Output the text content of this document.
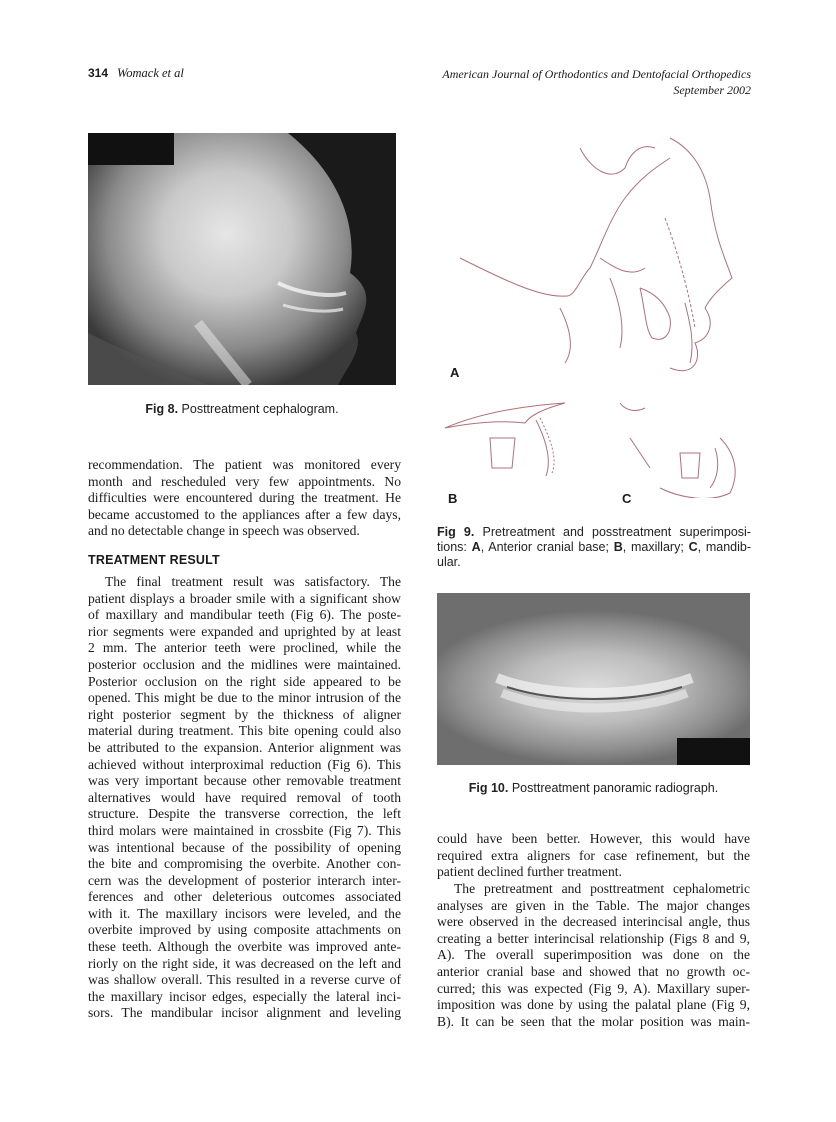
314 Womack et al	American Journal of Orthodontics and Dentofacial Orthopedics
September 2002
Fig 8. Posttreatment cephalogram.
A
B	C
Fig 9. Pretreatment and posstreatment superimposi-
tions: A, Anterior cranial base; B, maxillary; C, mandib-
ular.
Fig 10. Posttreatment panoramic radiograph.
recommendation. The patient was monitored every
month and rescheduled very few appointments. No
difficulties were encountered during the treatment. He
became accustomed to the appliances after a few days,
and no detectable change in speech was observed.
TREATMENT RESULT
The final treatment result was satisfactory. The
patient displays a broader smile with a significant show
of maxillary and mandibular teeth (Fig 6). The poste-
rior segments were expanded and uprighted by at least
2 mm. The anterior teeth were proclined, while the
posterior occlusion and the midlines were maintained.
Posterior occlusion on the right side appeared to be
opened. This might be due to the minor intrusion of the
right posterior segment by the thickness of aligner
material during treatment. This bite opening could also
be attributed to the expansion. Anterior alignment was
achieved without interproximal reduction (Fig 6). This
was very important because other removable treatment
alternatives would have required removal of tooth
structure. Despite the transverse correction, the left
third molars were maintained in crossbite (Fig 7). This
was intentional because of the possibility of opening
the bite and compromising the overbite. Another con-
cern was the development of posterior interarch inter-
ferences and other deleterious outcomes associated
with it. The maxillary incisors were leveled, and the
overbite improved by using composite attachments on
these teeth. Although the overbite was improved ante-
riorly on the right side, it was decreased on the left and
was shallow overall. This resulted in a reverse curve of
the maxillary incisor edges, especially the lateral inci-
sors. The mandibular incisor alignment and leveling
could have been better. However, this would have
required extra aligners for case refinement, but the
patient declined further treatment.
The pretreatment and posttreatment cephalometric
analyses are given in the Table. The major changes
were observed in the decreased interincisal angle, thus
creating a better interincisal relationship (Figs 8 and 9,
A). The overall superimposition was done on the
anterior cranial base and showed that no growth oc-
curred; this was expected (Fig 9, A). Maxillary super-
imposition was done by using the palatal plane (Fig 9,
B). It can be seen that the molar position was main-
